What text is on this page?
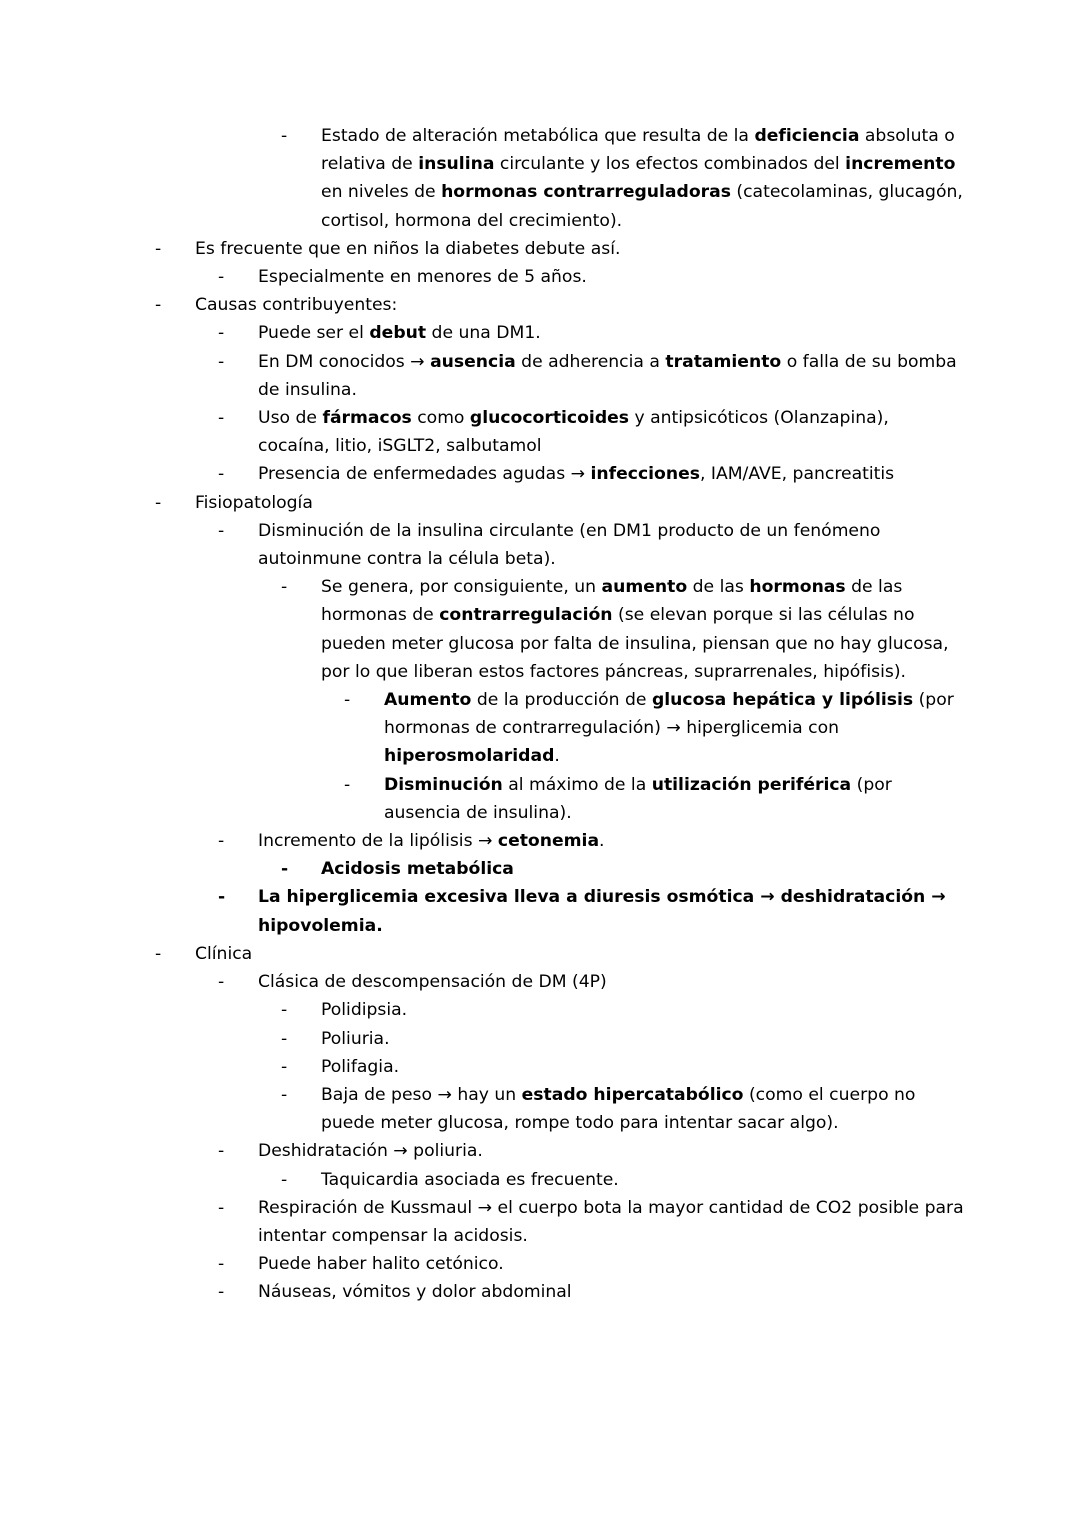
-	Estado de alteración metabólica que resulta de la deficiencia absoluta o relativa de insulina circulante y los efectos combinados del incremento en niveles de hormonas contrarreguladoras (catecolaminas, glucagón, cortisol, hormona del crecimiento).
-	Es frecuente que en niños la diabetes debute así.
-	Especialmente en menores de 5 años.
-	Causas contribuyentes:
-	Puede ser el debut de una DM1.
-	En DM conocidos → ausencia de adherencia a tratamiento o falla de su bomba de insulina.
-	Uso de fármacos como glucocorticoides y antipsicóticos (Olanzapina), cocaína, litio, iSGLT2, salbutamol
-	Presencia de enfermedades agudas → infecciones, IAM/AVE, pancreatitis
-	Fisiopatología
-	Disminución de la insulina circulante (en DM1 producto de un fenómeno autoinmune contra la célula beta).
-	Se genera, por consiguiente, un aumento de las hormonas de las hormonas de contrarregulación (se elevan porque si las células no pueden meter glucosa por falta de insulina, piensan que no hay glucosa, por lo que liberan estos factores páncreas, suprarrenales, hipófisis).
-	Aumento de la producción de glucosa hepática y lipólisis (por hormonas de contrarregulación) → hiperglicemia con hiperosmolaridad.
-	Disminución al máximo de la utilización periférica (por ausencia de insulina).
-	Incremento de la lipólisis → cetonemia.
-	Acidosis metabólica
-	La hiperglicemia excesiva lleva a diuresis osmótica → deshidratación → hipovolemia.
-	Clínica
-	Clásica de descompensación de DM (4P)
-	Polidipsia.
-	Poliuria.
-	Polifagia.
-	Baja de peso → hay un estado hipercatabólico (como el cuerpo no puede meter glucosa, rompe todo para intentar sacar algo).
-	Deshidratación → poliuria.
-	Taquicardia asociada es frecuente.
-	Respiración de Kussmaul → el cuerpo bota la mayor cantidad de CO2 posible para intentar compensar la acidosis.
-	Puede haber halito cetónico.
-	Náuseas, vómitos y dolor abdominal
